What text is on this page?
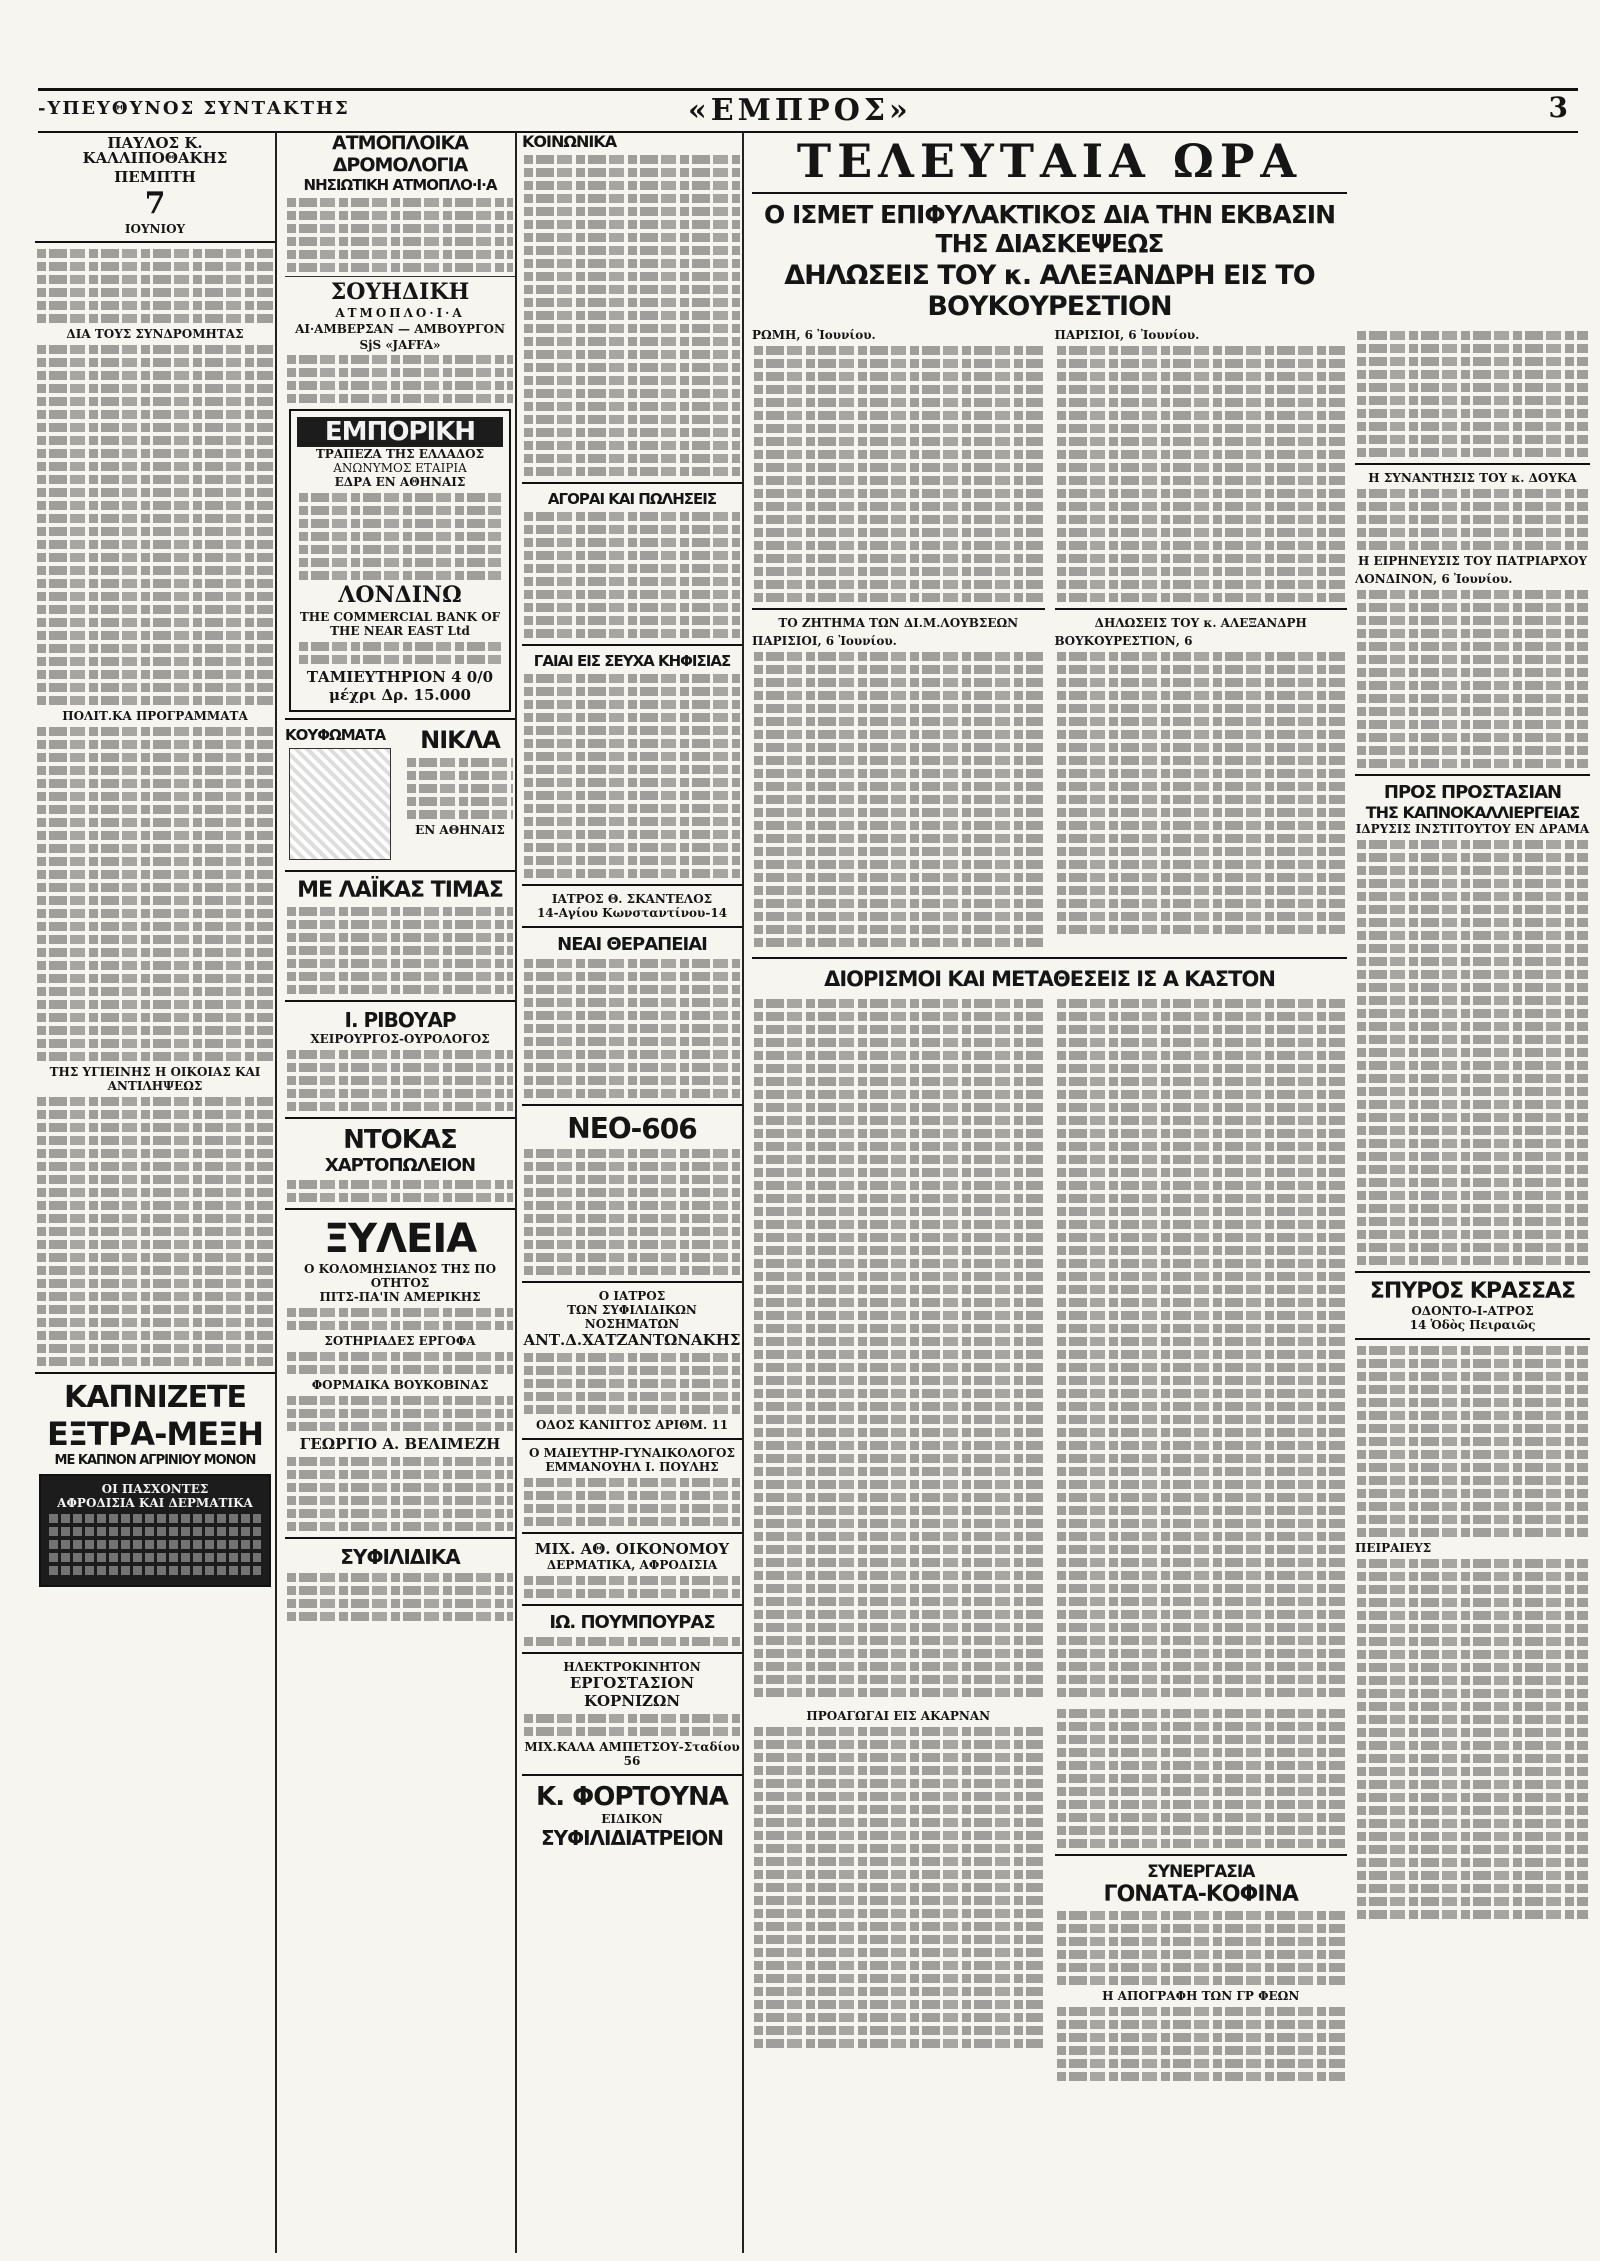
-ΥΠΕΥΘΥΝΟΣ ΣΥΝΤΑΚΤΗΣ	«ΕΜΠΡΟΣ»	3
ΠΑΥΛΟΣ Κ. ΚΑΛΛΙΠΟΘΑΚΗΣ
ΠΕΜΠΤΗ
7
ΙΟΥΝΙΟΥ
ΔΙΑ ΤΟΥΣ ΣΥΝΔΡΟΜΗΤΑΣ
ΠΟΛΙΤ.ΚΑ ΠΡΟΓΡΑΜΜΑΤΑ
ΤΗΣ ΥΓΙΕΙΝΗΣ Η ΟΙΚΟΙΑΣ ΚΑΙ ΑΝΤΙΛΗΨΕΩΣ
ΚΑΠΝΙΖΕΤΕ
ΕΞΤΡΑ-ΜΕΞΗ
ΜΕ ΚΑΠΝΟΝ ΑΓΡΙΝΙΟΥ ΜΟΝΟΝ
ΟΙ ΠΑΣΧΟΝΤΕΣ
ΑΦΡΟΔΙΣΙΑ ΚΑΙ ΔΕΡΜΑΤΙΚΑ
ΑΤΜΟΠΛΟΙΚΑ ΔΡΟΜΟΛΟΓΙΑ
ΝΗΣΙΩΤΙΚΗ ΑΤΜΟΠΛΟ·Ι·Α
ΣΟΥΗΔΙΚΗ
ΑΤΜΟΠΛΟ·Ι·Α
ΑΙ·ΑΜΒΕΡΣΑΝ — ΑΜΒΟΥΡΓΟΝ
SjS «JAFFA»
ΕΜΠΟΡΙΚΗ
ΤΡΑΠΕΖΑ ΤΗΣ ΕΛΛΑΔΟΣ
ΑΝΩΝΥΜΟΣ ΕΤΑΙΡΙΑ
ΕΔΡΑ ΕΝ ΑΘΗΝΑΙΣ
ΛΟΝΔΙΝΩ
THE COMMERCIAL BANK OF THE NEAR EAST Ltd
ΤΑΜΙΕΥΤΗΡΙΟΝ 4 0/0 μέχρι Δρ. 15.000
ΚΟΥΦΩΜΑΤΑ	ΝΙΚΛΑ
ΕΝ ΑΘΗΝΑΙΣ
ΜΕ ΛΑΪΚΑΣ ΤΙΜΑΣ
Ι. ΡΙΒΟΥΑΡ
ΧΕΙΡΟΥΡΓΟΣ-ΟΥΡΟΛΟΓΟΣ
ΝΤΟΚΑΣ
ΧΑΡΤΟΠΩΛΕΙΟΝ
ΞΥΛΕΙΑ
Ο ΚΟΛΟΜΗΣΙΑΝΟΣ ΤΗΣ ΠΟ ΟΤΗΤΟΣ
ΠΙΤΣ-ΠΑ'ΙΝ ΑΜΕΡΙΚΗΣ
ΣΟΤΗΡΙΑΔΕΣ ΕΡΓΟΦΑ
ΦΟΡΜΑΙΚΑ ΒΟΥΚΟΒΙΝΑΣ
ΓΕΩΡΓΙΟ Α. ΒΕΛΙΜΕΖΗ
ΣΥΦΙΛΙΔΙΚΑ
ΚΟΙΝΩΝΙΚΑ
ΑΓΟΡΑΙ ΚΑΙ ΠΩΛΗΣΕΙΣ
ΓΑΙΑΙ ΕΙΣ ΣΕΥΧΑ ΚΗΦΙΣΙΑΣ
ΙΑΤΡΟΣ Θ. ΣΚΑΝΤΕΛΟΣ
14-Αγίου Κωνσταντίνου-14
ΝΕΑΙ ΘΕΡΑΠΕΙΑΙ
ΝΕΟ-606
Ο ΙΑΤΡΟΣ
ΤΩΝ ΣΥΦΙΛΙΔΙΚΩΝ ΝΟΣΗΜΑΤΩΝ
ΑΝΤ.Δ.ΧΑΤΖΑΝΤΩΝΑΚΗΣ
ΟΔΟΣ ΚΑΝΙΓΓΟΣ ΑΡΙΘΜ. 11
Ο ΜΑΙΕΥΤΗΡ-ΓΥΝΑΙΚΟΛΟΓΟΣ
ΕΜΜΑΝΟΥΗΛ Ι. ΠΟΥΛΗΣ
ΜΙΧ. ΑΘ. ΟΙΚΟΝΟΜΟΥ
ΔΕΡΜΑΤΙΚΑ, ΑΦΡΟΔΙΣΙΑ
ΙΩ. ΠΟΥΜΠΟΥΡΑΣ
ΗΛΕΚΤΡΟΚΙΝΗΤΟΝ
ΕΡΓΟΣΤΑΣΙΟΝ ΚΟΡΝΙΖΩΝ
ΜΙΧ.ΚΑΛΑ ΑΜΠΕΤΣΟΥ-Σταδίου 56
Κ. ΦΟΡΤΟΥΝΑ
ΕΙΔΙΚΟΝ
ΣΥΦΙΛΙΔΙΑΤΡΕΙΟΝ
ΤΕΛΕΥΤΑΙΑ ΩΡΑ
Ο ΙΣΜΕΤ ΕΠΙΦΥΛΑΚΤΙΚΟΣ ΔΙΑ ΤΗΝ ΕΚΒΑΣΙΝ ΤΗΣ ΔΙΑΣΚΕΨΕΩΣ
ΔΗΛΩΣΕΙΣ ΤΟΥ κ. ΑΛΕΞΑΝΔΡΗ ΕΙΣ ΤΟ ΒΟΥΚΟΥΡΕΣΤΙΟΝ
ΡΩΜΗ, 6 Ἰουνίου.
ΤΟ ΖΗΤΗΜΑ ΤΩΝ ΔΙ.Μ.ΛΟΥΒΣΕΩΝ
ΠΑΡΙΣΙΟΙ, 6 Ἰουνίου.
ΠΑΡΙΣΙΟΙ, 6 Ἰουνίου.
ΔΗΛΩΣΕΙΣ ΤΟΥ κ. ΑΛΕΞΑΝΔΡΗ
ΒΟΥΚΟΥΡΕΣΤΙΟΝ, 6
ΔΙΟΡΙΣΜΟΙ ΚΑΙ ΜΕΤΑΘΕΣΕΙΣ ΙΣ Α ΚΑΣΤΟΝ
ΠΡΟΑΓΩΓΑΙ ΕΙΣ ΑΚΑΡΝΑΝ
ΣΥΝΕΡΓΑΣΙΑ
ΓΟΝΑΤΑ-ΚΟΦΙΝΑ
Η ΑΠΟΓΡΑΦΗ ΤΩΝ ΓΡ ΦΕΩΝ
Η ΣΥΝΑΝΤΗΣΙΣ ΤΟΥ κ. ΔΟΥΚΑ
Η ΕΙΡΗΝΕΥΣΙΣ ΤΟΥ ΠΑΤΡΙΑΡΧΟΥ
ΛΟΝΔΙΝΟΝ, 6 Ἰουνίου.
ΠΡΟΣ ΠΡΟΣΤΑΣΙΑΝ
ΤΗΣ ΚΑΠΝΟΚΑΛΛΙΕΡΓΕΙΑΣ
ΙΔΡΥΣΙΣ ΙΝΣΤΙΤΟΥΤΟΥ ΕΝ ΔΡΑΜΑ
ΣΠΥΡΟΣ ΚΡΑΣΣΑΣ
ΟΔΟΝΤΟ-Ι-ΑΤΡΟΣ
14 Ὁδὸς Πειραιῶς
ΠΕΙΡΑΙΕΥΣ
